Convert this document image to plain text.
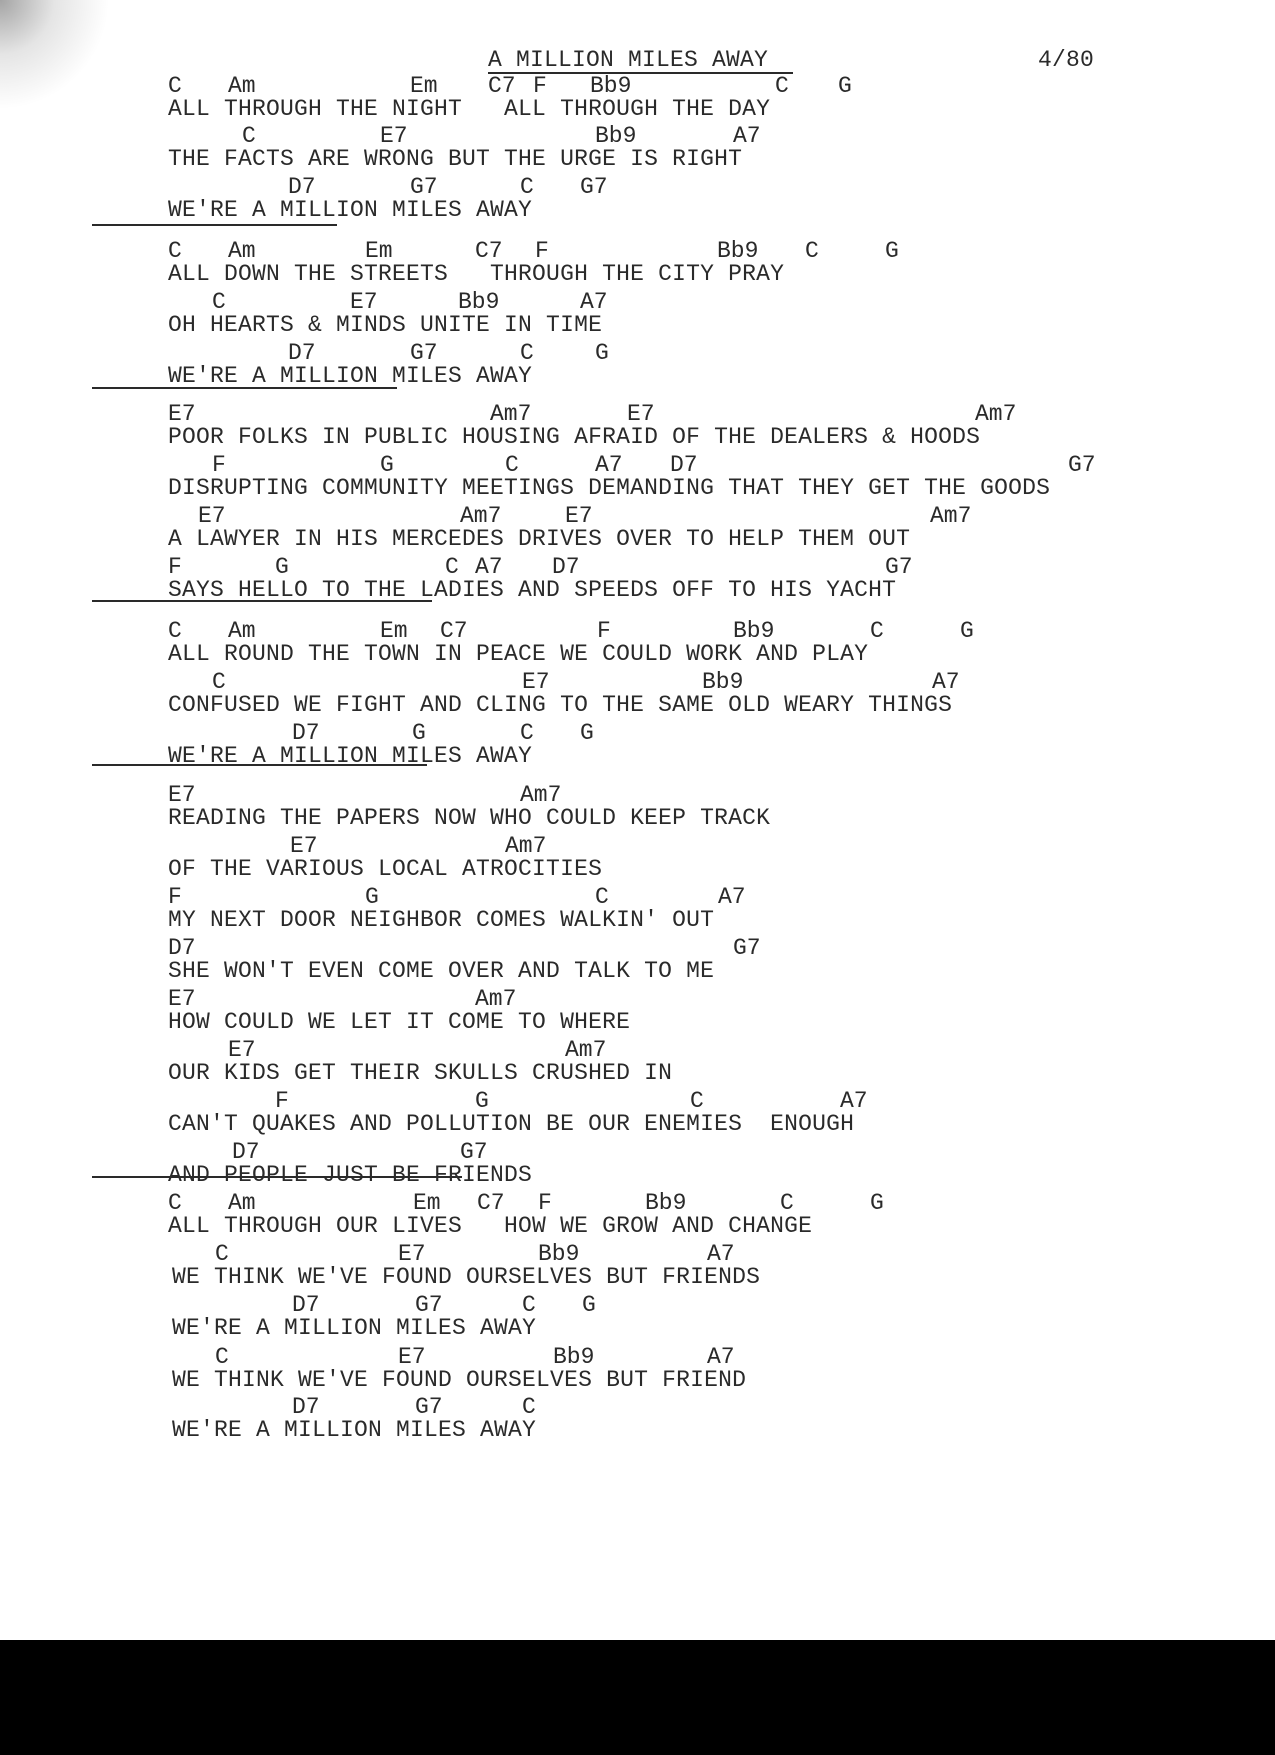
A MILLION MILES AWAY	4/80
C Am	Em C7 F Bb9	C G
ALL THROUGH THE NIGHT   ALL THROUGH THE DAY
C	E7	Bb9	A7
THE FACTS ARE WRONG BUT THE URGE IS RIGHT
D7	G7	C G7
WE'RE A MILLION MILES AWAY
C Am	Em	C7 F	Bb9 C	G
ALL DOWN THE STREETS   THROUGH THE CITY PRAY
C	E7	Bb9	A7
OH HEARTS & MINDS UNITE IN TIME
D7	G7	C	G
WE'RE A MILLION MILES AWAY
E7	Am7	E7	Am7
POOR FOLKS IN PUBLIC HOUSING AFRAID OF THE DEALERS & HOODS
F	G	C	A7 D7	G7
DISRUPTING COMMUNITY MEETINGS DEMANDING THAT THEY GET THE GOODS
E7	Am7	E7	Am7
A LAWYER IN HIS MERCEDES DRIVES OVER TO HELP THEM OUT
F	G	C A7 D7	G7
SAYS HELLO TO THE LADIES AND SPEEDS OFF TO HIS YACHT
C Am	Em C7	F	Bb9	C	G
ALL ROUND THE TOWN IN PEACE WE COULD WORK AND PLAY
C	E7	Bb9	A7
CONFUSED WE FIGHT AND CLING TO THE SAME OLD WEARY THINGS
D7	G	C G
WE'RE A MILLION MILES AWAY
E7	Am7
READING THE PAPERS NOW WHO COULD KEEP TRACK
E7	Am7
OF THE VARIOUS LOCAL ATROCITIES
F	G	C	A7
MY NEXT DOOR NEIGHBOR COMES WALKIN' OUT
D7	G7
SHE WON'T EVEN COME OVER AND TALK TO ME
E7	Am7
HOW COULD WE LET IT COME TO WHERE
E7	Am7
OUR KIDS GET THEIR SKULLS CRUSHED IN
F	G	C	A7
CAN'T QUAKES AND POLLUTION BE OUR ENEMIES  ENOUGH
D7	G7
AND PEOPLE JUST BE FRIENDS
C Am	Em C7 F	Bb9	C	G
ALL THROUGH OUR LIVES   HOW WE GROW AND CHANGE
C	E7	Bb9	A7
WE THINK WE'VE FOUND OURSELVES BUT FRIENDS
D7	G7	C G
WE'RE A MILLION MILES AWAY
C	E7	Bb9	A7
WE THINK WE'VE FOUND OURSELVES BUT FRIEND
D7	G7	C
WE'RE A MILLION MILES AWAY
